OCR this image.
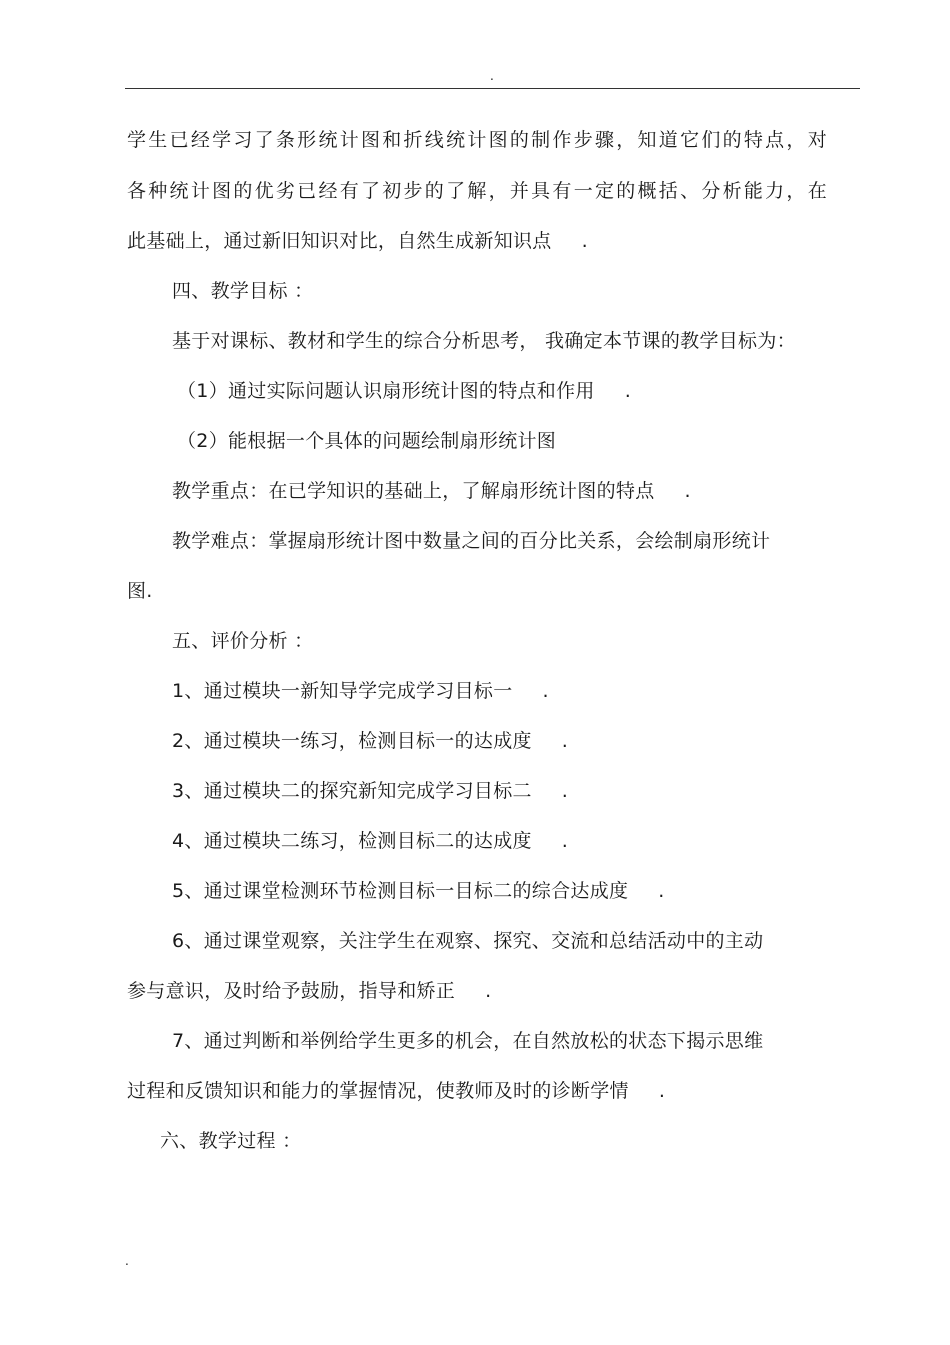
.
学生已经学习了条形统计图和折线统计图的制作步骤，知道它们的特点，对
各种统计图的优劣已经有了初步的了解，并具有一定的概括、分析能力，在
此基础上，通过新旧知识对比，自然生成新知识点 .
四、教学目标 ：
基于对课标、教材和学生的综合分析思考， 我确定本节课的教学目标为：
（1）通过实际问题认识扇形统计图的特点和作用 .
（2）能根据一个具体的问题绘制扇形统计图
教学重点：在已学知识的基础上，了解扇形统计图的特点 .
教学难点：掌握扇形统计图中数量之间的百分比关系，会绘制扇形统计
图.
五、评价分析 ：
1、通过模块一新知导学完成学习目标一 .
2、通过模块一练习，检测目标一的达成度 .
3、通过模块二的探究新知完成学习目标二 .
4、通过模块二练习，检测目标二的达成度 .
5、通过课堂检测环节检测目标一目标二的综合达成度 .
6、通过课堂观察，关注学生在观察、探究、交流和总结活动中的主动
参与意识，及时给予鼓励，指导和矫正 .
7、通过判断和举例给学生更多的机会，在自然放松的状态下揭示思维
过程和反馈知识和能力的掌握情况，使教师及时的诊断学情 .
六、教学过程 ：
.
